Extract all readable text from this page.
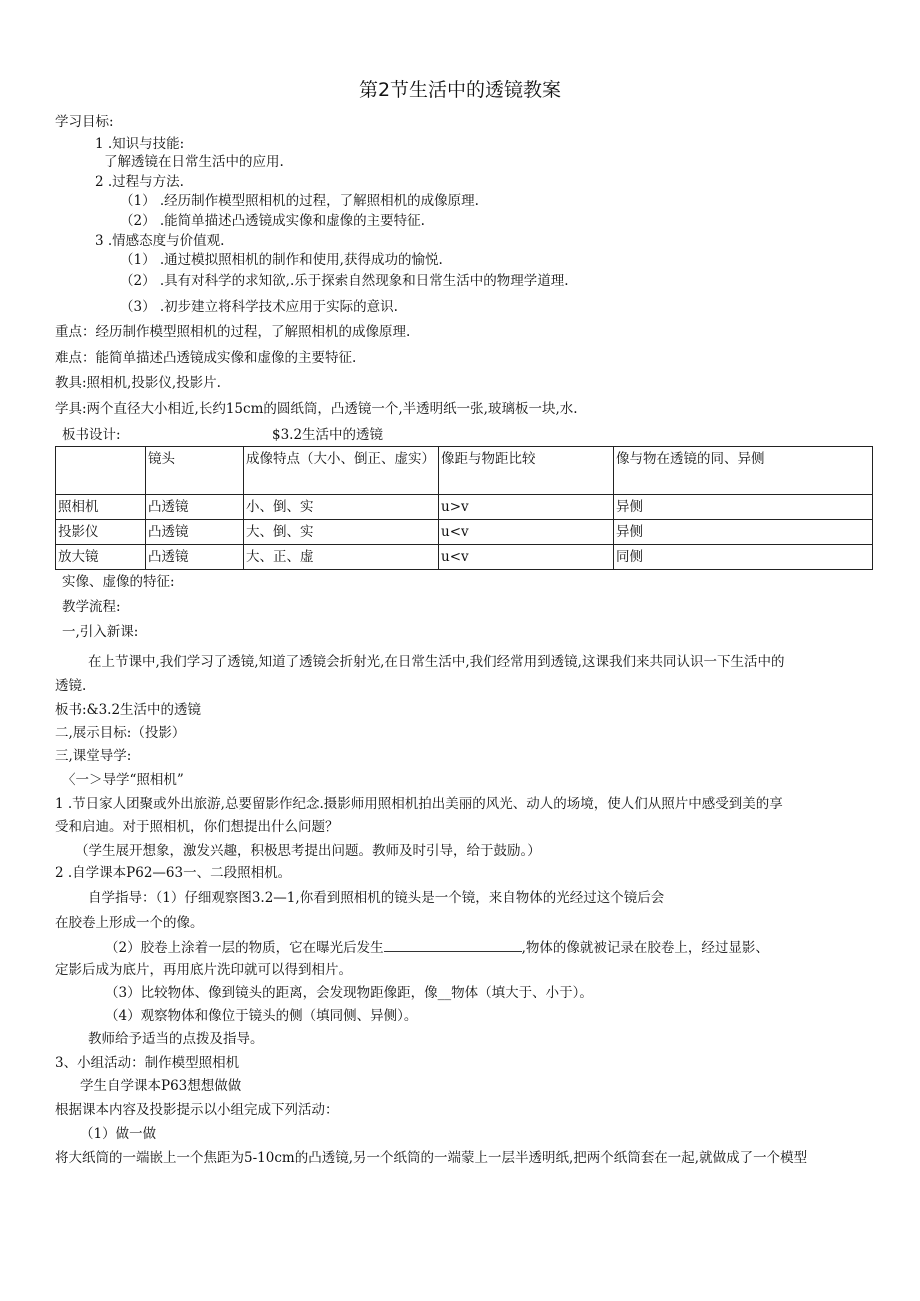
第2节生活中的透镜教案
学习目标:
1 .知识与技能:
了解透镜在日常生活中的应用.
2 .过程与方法.
（1） .经历制作模型照相机的过程，了解照相机的成像原理.
（2） .能简单描述凸透镜成实像和虚像的主要特征.
3 .情感态度与价值观.
（1） .通过模拟照相机的制作和使用,获得成功的愉悦.
（2） .具有对科学的求知欲,.乐于探索自然现象和日常生活中的物理学道理.
（3） .初步建立将科学技术应用于实际的意识.
重点：经历制作模型照相机的过程，了解照相机的成像原理.
难点：能简单描述凸透镜成实像和虚像的主要特征.
教具:照相机,投影仪,投影片.
学具:两个直径大小相近,长约15cm的圆纸筒，凸透镜一个,半透明纸一张,玻璃板一块,水.
板书设计:	$3.2生活中的透镜
	镜头	成像特点（大小、倒正、虚实）	像距与物距比较	像与物在透镜的同、异侧
照相机	凸透镜	小、倒、实	u>v	异侧
投影仪	凸透镜	大、倒、实	u<v	异侧
放大镜	凸透镜	大、正、虚	u<v	同侧
实像、虚像的特征:
教学流程:
一,引入新课:
在上节课中,我们学习了透镜,知道了透镜会折射光,在日常生活中,我们经常用到透镜,这课我们来共同认识一下生活中的
透镜.
板书:&3.2生活中的透镜
二,展示目标:（投影）
三,课堂导学:
〈一＞导学“照相机”
1 .节日家人团聚或外出旅游,总要留影作纪念.摄影师用照相机拍出美丽的风光、动人的场境，使人们从照片中感受到美的享
受和启迪。对于照相机，你们想提出什么问题？
（学生展开想象，激发兴趣，积极思考提出问题。教师及时引导，给于鼓励。）
2 .自学课本P62—63一、二段照相机。
自学指导：（1）仔细观察图3.2—1,你看到照相机的镜头是一个镜，来自物体的光经过这个镜后会
在胶卷上形成一个的像。
（2）胶卷上涂着一层的物质，它在曝光后发生	,物体的像就被记录在胶卷上，经过显影、
定影后成为底片，再用底片洗印就可以得到相片。
（3）比较物体、像到镜头的距离，会发现物距像距，像__物体（填大于、小于）。
（4）观察物体和像位于镜头的侧（填同侧、异侧）。
教师给予适当的点拨及指导。
3、小组活动：制作模型照相机
学生自学课本P63想想做做
根据课本内容及投影提示以小组完成下列活动：
（1）做一做
将大纸筒的一端嵌上一个焦距为5-10cm的凸透镜,另一个纸筒的一端蒙上一层半透明纸,把两个纸筒套在一起,就做成了一个模型
